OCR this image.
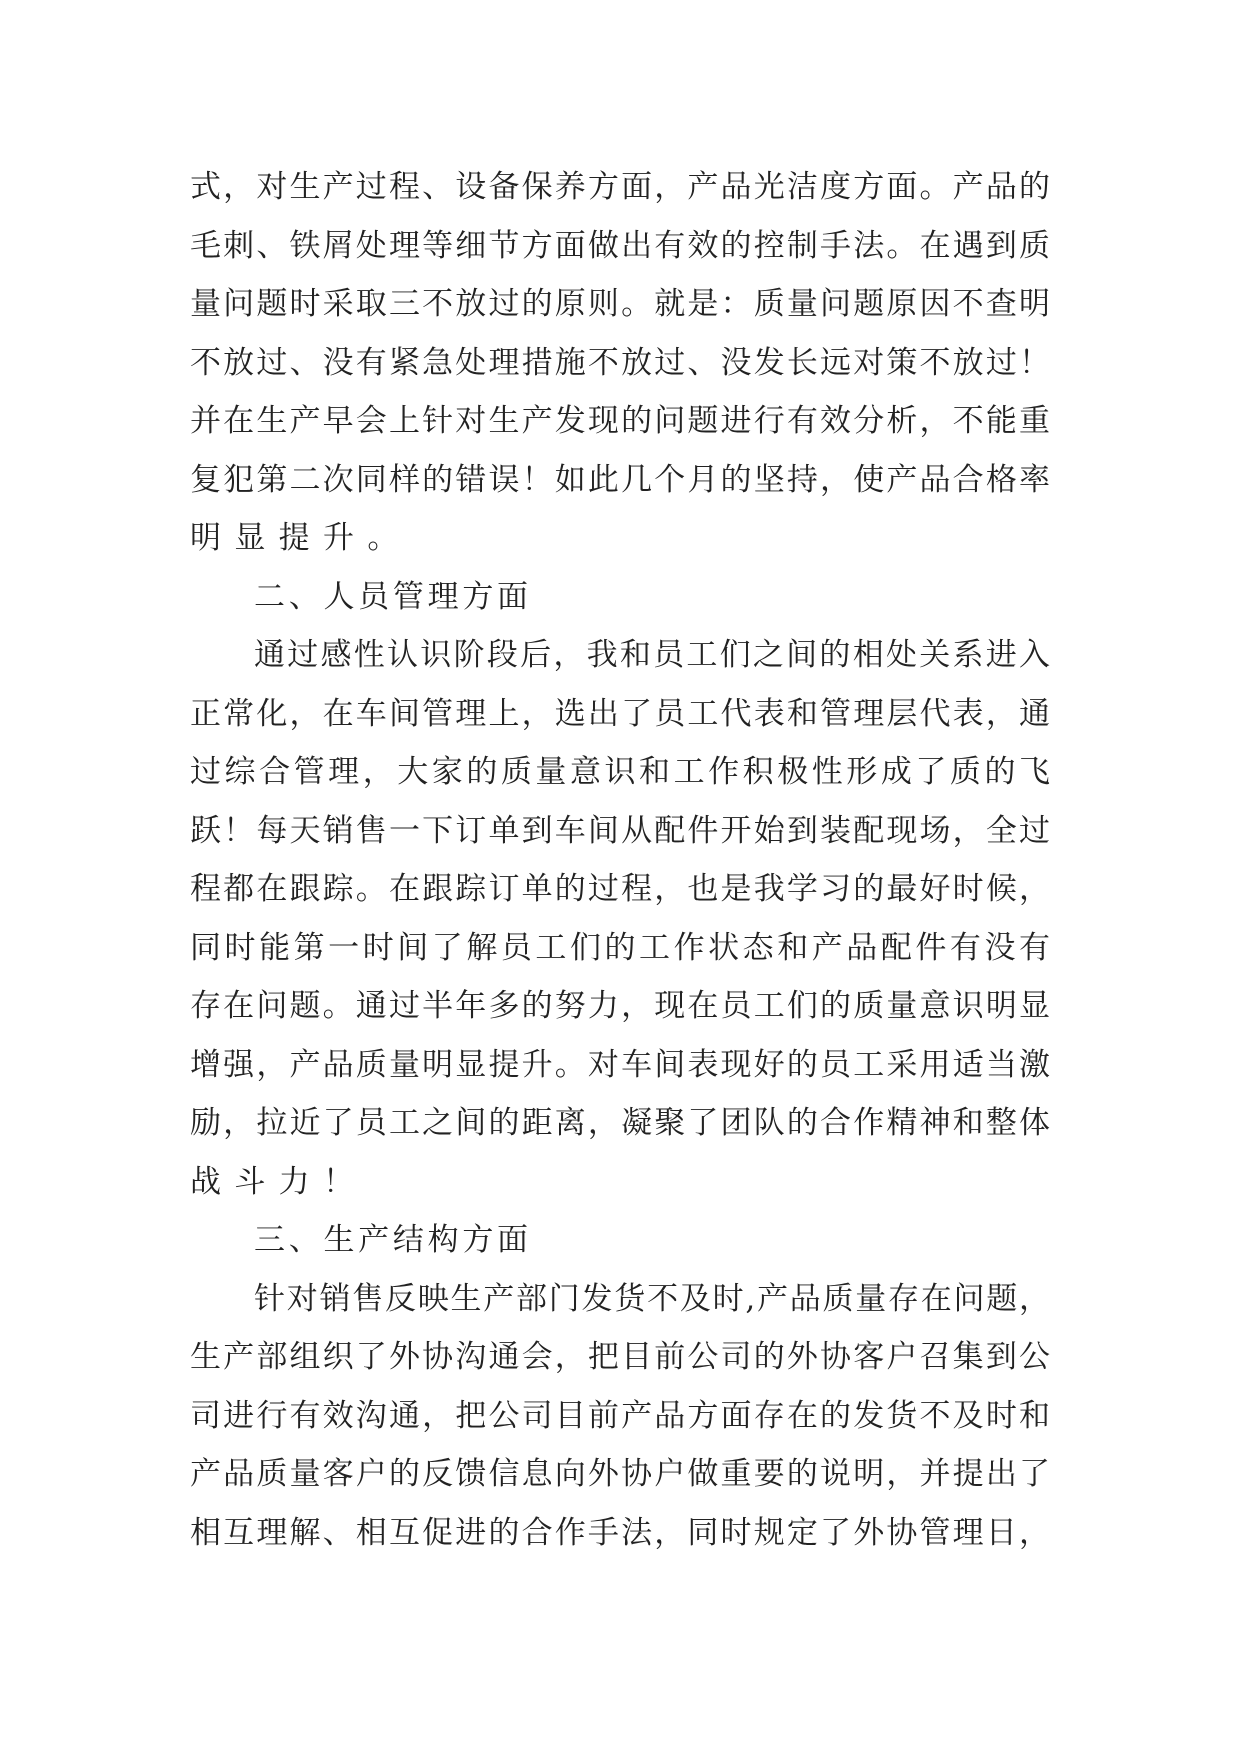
式，对生产过程、设备保养方面，产品光洁度方面。产品的
毛刺、铁屑处理等细节方面做出有效的控制手法。在遇到质
量问题时采取三不放过的原则。就是：质量问题原因不查明
不放过、没有紧急处理措施不放过、没发长远对策不放过！
并在生产早会上针对生产发现的问题进行有效分析，不能重
复犯第二次同样的错误！如此几个月的坚持，使产品合格率
明显提升。
二、人员管理方面
通过感性认识阶段后，我和员工们之间的相处关系进入
正常化，在车间管理上，选出了员工代表和管理层代表，通
过综合管理，大家的质量意识和工作积极性形成了质的飞
跃！每天销售一下订单到车间从配件开始到装配现场，全过
程都在跟踪。在跟踪订单的过程，也是我学习的最好时候，
同时能第一时间了解员工们的工作状态和产品配件有没有
存在问题。通过半年多的努力，现在员工们的质量意识明显
增强，产品质量明显提升。对车间表现好的员工采用适当激
励，拉近了员工之间的距离，凝聚了团队的合作精神和整体
战斗力！
三、生产结构方面
针对销售反映生产部门发货不及时,产品质量存在问题，
生产部组织了外协沟通会，把目前公司的外协客户召集到公
司进行有效沟通，把公司目前产品方面存在的发货不及时和
产品质量客户的反馈信息向外协户做重要的说明，并提出了
相互理解、相互促进的合作手法，同时规定了外协管理日，
